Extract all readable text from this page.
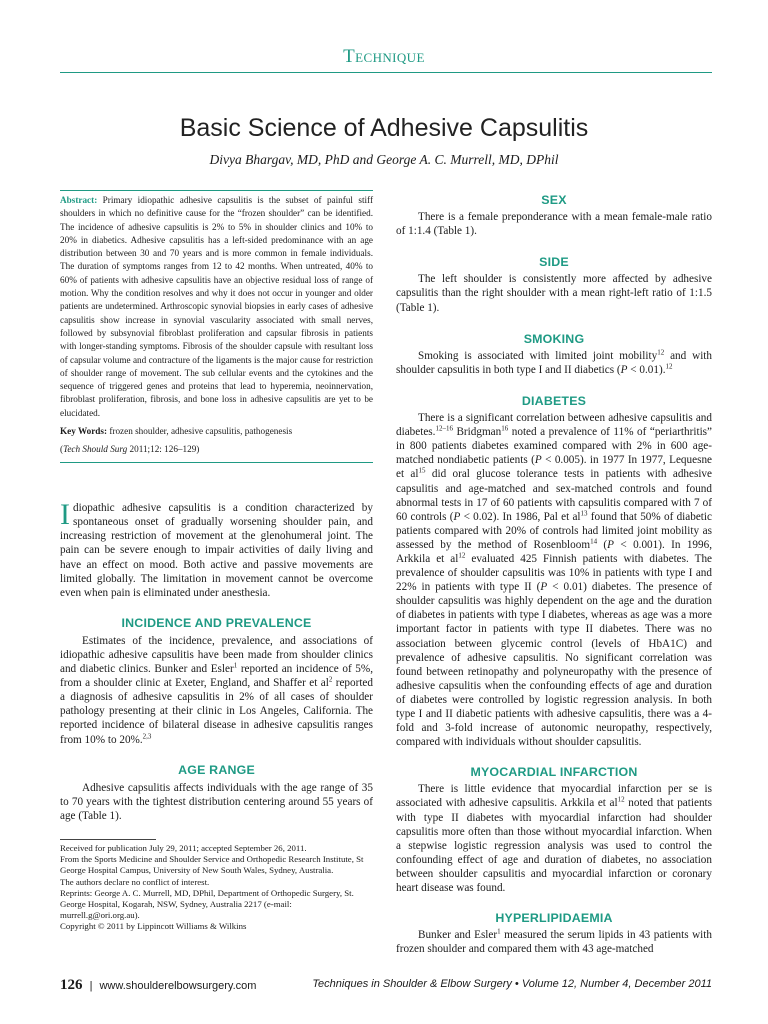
Technique
Basic Science of Adhesive Capsulitis
Divya Bhargav, MD, PhD and George A. C. Murrell, MD, DPhil
Abstract: Primary idiopathic adhesive capsulitis is the subset of painful stiff shoulders in which no definitive cause for the “frozen shoulder” can be identified. The incidence of adhesive capsulitis is 2% to 5% in shoulder clinics and 10% to 20% in diabetics. Adhesive capsulitis has a left-sided predominance with an age distribution between 30 and 70 years and is more common in female individuals. The duration of symptoms ranges from 12 to 42 months. When untreated, 40% to 60% of patients with adhesive capsulitis have an objective residual loss of range of motion. Why the condition resolves and why it does not occur in younger and older patients are undetermined. Arthroscopic synovial biopsies in early cases of adhesive capsulitis show increase in synovial vascularity associated with small nerves, followed by subsynovial fibroblast proliferation and capsular fibrosis in patients with longer-standing symptoms. Fibrosis of the shoulder capsule with resultant loss of capsular volume and contracture of the ligaments is the major cause for restriction of shoulder range of movement. The sub cellular events and the cytokines and the sequence of triggered genes and proteins that lead to hyperemia, neoinnervation, fibroblast proliferation, fibrosis, and bone loss in adhesive capsulitis are yet to be elucidated.
Key Words: frozen shoulder, adhesive capsulitis, pathogenesis
(Tech Should Surg 2011;12: 126–129)

Idiopathic adhesive capsulitis is a condition characterized by spontaneous onset of gradually worsening shoulder pain, and increasing restriction of movement at the glenohumeral joint. The pain can be severe enough to impair activities of daily living and have an effect on mood. Both active and passive movements are limited globally. The limitation in movement cannot be overcome even when pain is eliminated under anesthesia.

INCIDENCE AND PREVALENCE

Estimates of the incidence, prevalence, and associations of idiopathic adhesive capsulitis have been made from shoulder clinics and diabetic clinics. Bunker and Esler$^1$ reported an incidence of 5%, from a shoulder clinic at Exeter, England, and Shaffer et $al^2$ reported a diagnosis of adhesive capsulitis in 2% of all cases of shoulder pathology presenting at their clinic in Los Angeles, California. The reported incidence of bilateral disease in adhesive capsulitis ranges from 10% to 20%.$^{2,3}$

AGE RANGE

Adhesive capsulitis affects individuals with the age range of 35 to 70 years with the tightest distribution centering around 55 years of age (Table 1).

Received for publication July 29, 2011; accepted September 26, 2011.
From the Sports Medicine and Shoulder Service and Orthopedic Research Institute, St George Hospital Campus, University of New South Wales, Sydney, Australia.
The authors declare no conflict of interest.
Reprints: George A. C. Murrell, MD, DPhil, Department of Orthopedic Surgery, St. George Hospital, Kogarah, NSW, Sydney, Australia 2217 (e-mail: murrell.g@ori.org.au).
Copyright © 2011 by Lippincott Williams & Wilkins
SEX

There is a female preponderance with a mean female-male ratio of 1:1.4 (Table 1).

SIDE

The left shoulder is consistently more affected by adhesive capsulitis than the right shoulder with a mean right-left ratio of 1:1.5 (Table 1).

SMOKING

Smoking is associated with limited joint mobility$^{12}$ and with shoulder capsulitis in both type I and II diabetics (P < 0.01).$^{12}$

DIABETES

There is a significant correlation between adhesive capsulitis and diabetes.$^{12-16}$ Bridgman$^{16}$ noted a prevalence of 11% of “periarthritis” in 800 patients diabetes examined compared with 2% in 600 age-matched nondiabetic patients (P < 0.005). in 1977 In 1977, Lequesne et $al^{15}$ did oral glucose tolerance tests in patients with adhesive capsulitis and age-matched and sex-matched controls and found abnormal tests in 17 of 60 patients with capsulitis compared with 7 of 60 controls (P < 0.02). In 1986, Pal et $al^{13}$ found that 50% of diabetic patients compared with 20% of controls had limited joint mobility as assessed by the method of Rosenbloom$^{14}$ (P < 0.001). In 1996, Arkkila et $al^{12}$ evaluated 425 Finnish patients with diabetes. The prevalence of shoulder capsulitis was 10% in patients with type I and 22% in patients with type II (P < 0.01) diabetes. The presence of shoulder capsulitis was highly dependent on the age and the duration of diabetes in patients with type I diabetes, whereas as age was a more important factor in patients with type II diabetes. There was no association between glycemic control (levels of HbA1C) and prevalence of adhesive capsulitis. No significant correlation was found between retinopathy and polyneuropathy with the presence of adhesive capsulitis when the confounding effects of age and duration of diabetes were controlled by logistic regression analysis. In both type I and II diabetic patients with adhesive capsulitis, there was a 4-fold and 3-fold increase of autonomic neuropathy, respectively, compared with individuals without shoulder capsulitis.

MYOCARDIAL INFARCTION

There is little evidence that myocardial infarction per se is associated with adhesive capsulitis. Arkkila et $al^{12}$ noted that patients with type II diabetes with myocardial infarction had shoulder capsulitis more often than those without myocardial infarction. When a stepwise logistic regression analysis was used to control the confounding effect of age and duration of diabetes, no association between shoulder capsulitis and myocardial infarction or coronary heart disease was found.

HYPERLIPIDAEMIA

Bunker and Esler$^1$ measured the serum lipids in 43 patients with frozen shoulder and compared them with 43 age-matched

126 | www.shoulderelbowsurgery.com	Techniques in Shoulder & Elbow Surgery • Volume 12, Number 4, December 2011
